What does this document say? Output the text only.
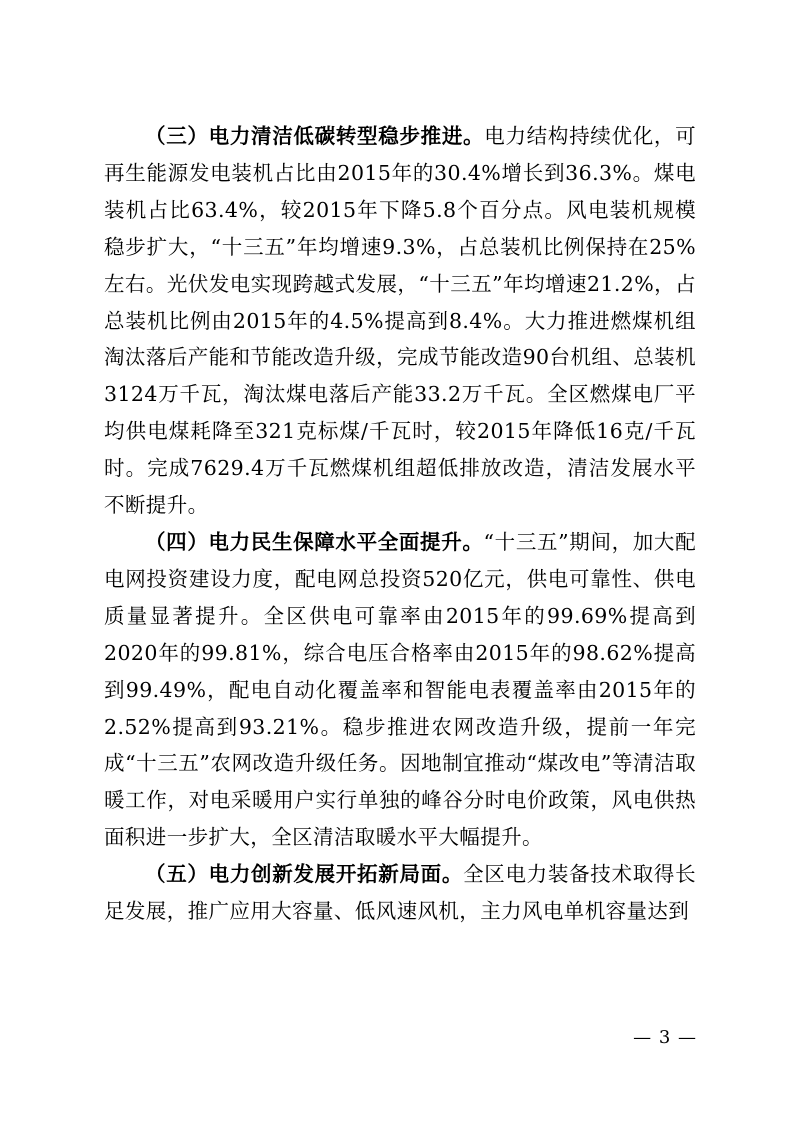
（三）电力清洁低碳转型稳步推进。电力结构持续优化，可再生能源发电装机占比由2015年的30.4%增长到36.3%。煤电装机占比63.4%，较2015年下降5.8个百分点。风电装机规模稳步扩大，“十三五”年均增速9.3%，占总装机比例保持在25%左右。光伏发电实现跨越式发展，“十三五”年均增速21.2%，占总装机比例由2015年的4.5%提高到8.4%。大力推进燃煤机组淘汰落后产能和节能改造升级，完成节能改造90台机组、总装机3124万千瓦，淘汰煤电落后产能33.2万千瓦。全区燃煤电厂平均供电煤耗降至321克标煤/千瓦时，较2015年降低16克/千瓦时。完成7629.4万千瓦燃煤机组超低排放改造，清洁发展水平不断提升。

（四）电力民生保障水平全面提升。“十三五”期间，加大配电网投资建设力度，配电网总投资520亿元，供电可靠性、供电质量显著提升。全区供电可靠率由2015年的99.69%提高到2020年的99.81%，综合电压合格率由2015年的98.62%提高到99.49%，配电自动化覆盖率和智能电表覆盖率由2015年的2.52%提高到93.21%。稳步推进农网改造升级，提前一年完成“十三五”农网改造升级任务。因地制宜推动“煤改电”等清洁取暖工作，对电采暖用户实行单独的峰谷分时电价政策，风电供热面积进一步扩大，全区清洁取暖水平大幅提升。

（五）电力创新发展开拓新局面。全区电力装备技术取得长足发展，推广应用大容量、低风速风机，主力风电单机容量达到

— 3 —
